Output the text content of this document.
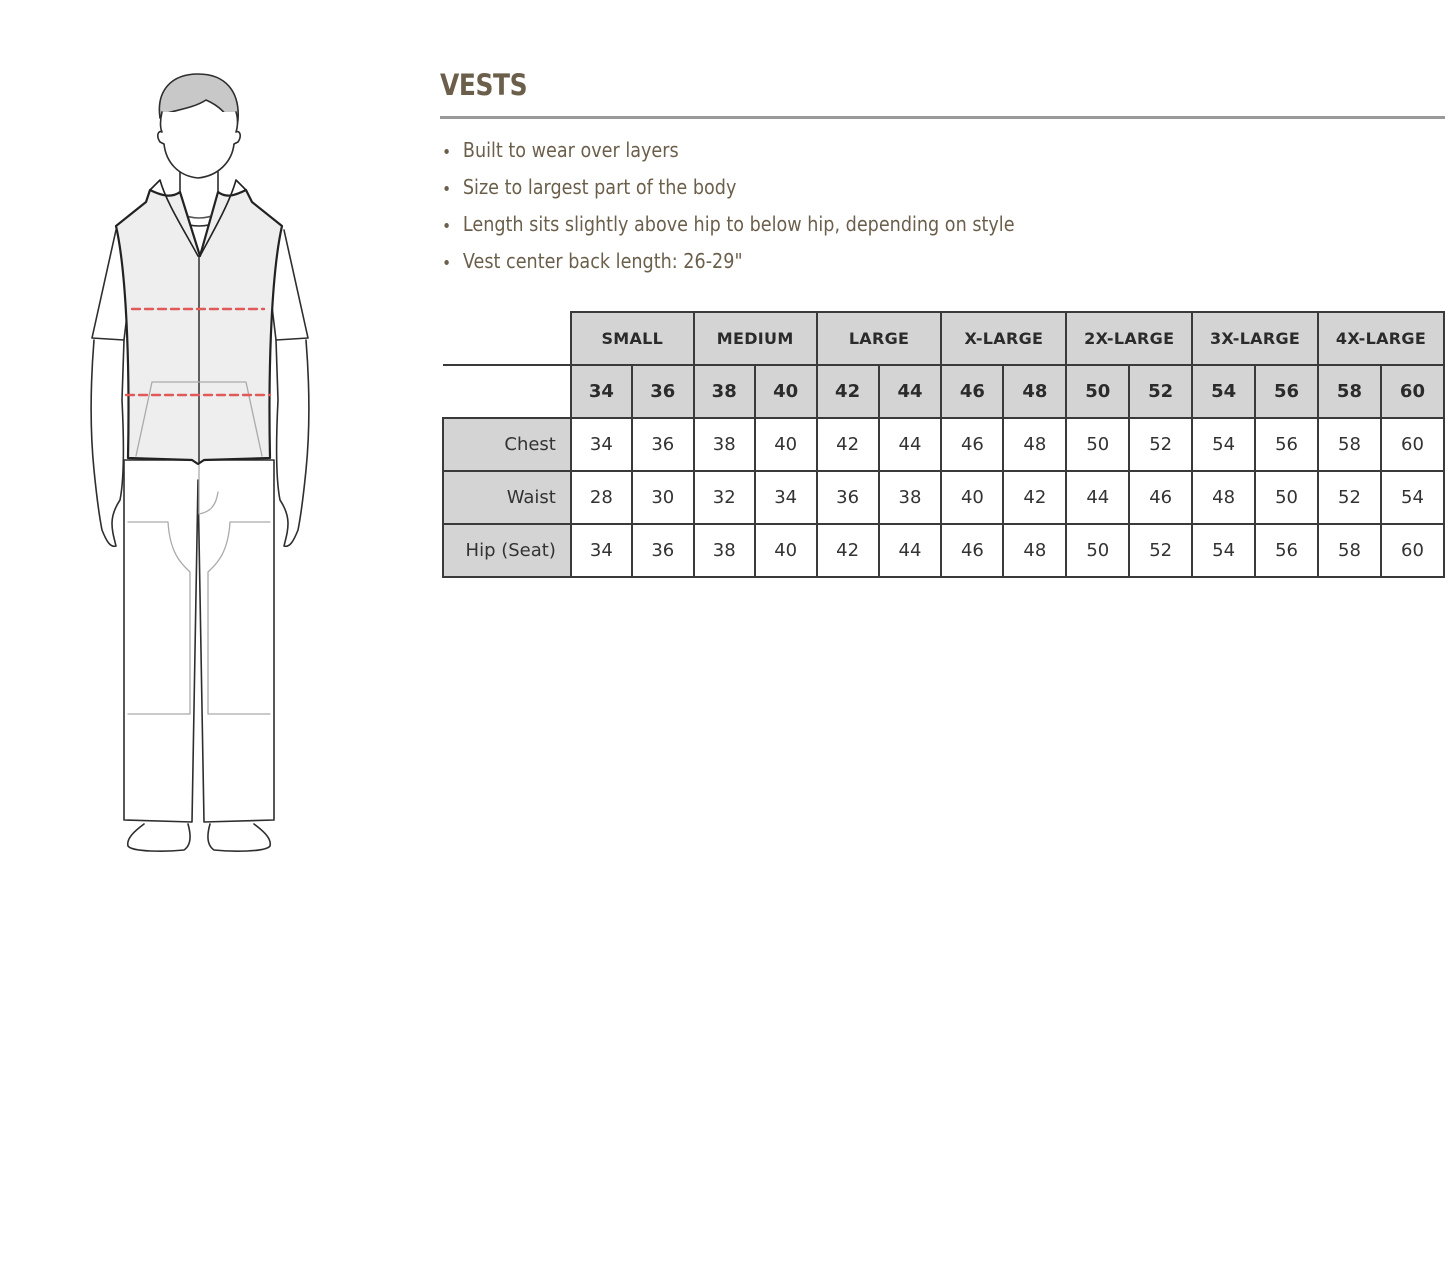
VESTS
Built to wear over layers
Size to largest part of the body
Length sits slightly above hip to below hip, depending on style
Vest center back length: 26-29"
	SMALL		MEDIUM		LARGE		X-LARGE		2X-LARGE		3X-LARGE		4X-LARGE	
	34	36	38	40	42	44	46	48	50	52	54	56	58	60
Chest	34	36	38	40	42	44	46	48	50	52	54	56	58	60
Waist	28	30	32	34	36	38	40	42	44	46	48	50	52	54
Hip (Seat)	34	36	38	40	42	44	46	48	50	52	54	56	58	60
